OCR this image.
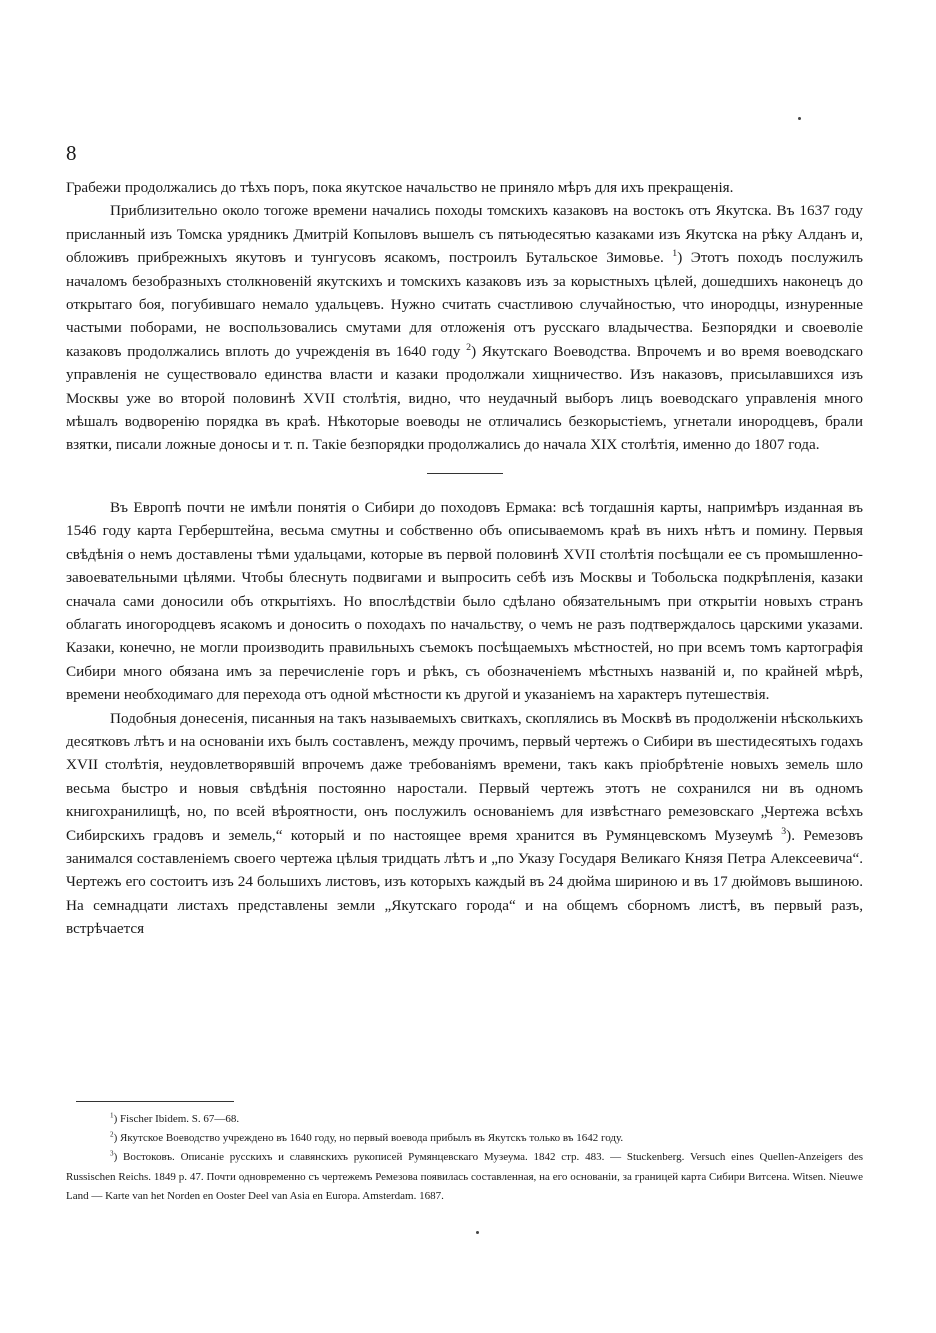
8

Грабежи продолжались до тѣхъ поръ, пока якутское начальство не приняло мѣръ для ихъ прекращенія.

Приблизительно около тогоже времени начались походы томскихъ казаковъ на востокъ отъ Якутска. Въ 1637 году присланный изъ Томска урядникъ Дмитрій Копыловъ вышелъ съ пятьюдесятью казаками изъ Якутска на рѣку Алданъ и, обложивъ прибрежныхъ якутовъ и тунгусовъ ясакомъ, построилъ Бутальское Зимовье. $^1$) Этотъ походъ послужилъ началомъ безобразныхъ столкновеній якутскихъ и томскихъ казаковъ изъ за корыстныхъ цѣлей, дошедшихъ наконецъ до открытаго боя, погубившаго немало удальцевъ. Нужно считать счастливою случайностью, что инородцы, изнуренные частыми поборами, не воспользовались смутами для отложенія отъ русскаго владычества. Безпорядки и своеволіе казаковъ продолжались вплоть до учрежденія въ 1640 году $^2$) Якутскаго Воеводства. Впрочемъ и во время воеводскаго управленія не существовало единства власти и казаки продолжали хищничество. Изъ наказовъ, присылавшихся изъ Москвы уже во второй половинѣ XVII столѣтія, видно, что неудачный выборъ лицъ воеводскаго управленія много мѣшалъ водворенію порядка въ краѣ. Нѣкоторые воеводы не отличались безкорыстіемъ, угнетали инородцевъ, брали взятки, писали ложные доносы и т. п. Такіе безпорядки продолжались до начала XIX столѣтія, именно до 1807 года.

Въ Европѣ почти не имѣли понятія о Сибири до походовъ Ермака: всѣ тогдашнія карты, напримѣръ изданная въ 1546 году карта Герберштейна, весьма смутны и собственно объ описываемомъ краѣ въ нихъ нѣтъ и помину. Первыя свѣдѣнія о немъ доставлены тѣми удальцами, которые въ первой половинѣ XVII столѣтія посѣщали ее съ промышленно-завоевательными цѣлями. Чтобы блеснуть подвигами и выпросить себѣ изъ Москвы и Тобольска подкрѣпленія, казаки сначала сами доносили объ открытіяхъ. Но впослѣдствіи было сдѣлано обязательнымъ при открытіи новыхъ странъ облагать иногородцевъ ясакомъ и доносить о походахъ по начальству, о чемъ не разъ подтверждалось царскими указами. Казаки, конечно, не могли производить правильныхъ съемокъ посѣщаемыхъ мѣстностей, но при всемъ томъ картографія Сибири много обязана имъ за перечисленіе горъ и рѣкъ, съ обозначеніемъ мѣстныхъ названій и, по крайней мѣрѣ, времени необходимаго для перехода отъ одной мѣстности къ другой и указаніемъ на характеръ путешествія.

Подобныя донесенія, писанныя на такъ называемыхъ свиткахъ, скоплялись въ Москвѣ въ продолженіи нѣсколькихъ десятковъ лѣтъ и на основаніи ихъ былъ составленъ, между прочимъ, первый чертежъ о Сибири въ шестидесятыхъ годахъ XVII столѣтія, неудовлетворявшій впрочемъ даже требованіямъ времени, такъ какъ пріобрѣтеніе новыхъ земель шло весьма быстро и новыя свѣдѣнія постоянно наростали. Первый чертежъ этотъ не сохранился ни въ одномъ книгохранилищѣ, но, по всей вѣроятности, онъ послужилъ основаніемъ для извѣстнаго ремезовскаго „Чертежа всѣхъ Сибирскихъ градовъ и земель,“ который и по настоящее время хранится въ Румянцевскомъ Музеумѣ $^3$). Ремезовъ занимался составленіемъ своего чертежа цѣлыя тридцать лѣтъ и „по Указу Государя Великаго Князя Петра Алексеевича“. Чертежъ его состоитъ изъ 24 большихъ листовъ, изъ которыхъ каждый въ 24 дюйма шириною и въ 17 дюймовъ вышиною. На семнадцати листахъ представлены земли „Якутскаго города“ и на общемъ сборномъ листѣ, въ первый разъ, встрѣчается

$^1$) Fischer Ibidem. S. 67—68.

$^2$) Якутское Воеводство учреждено въ 1640 году, но первый воевода прибылъ въ Якутскъ только въ 1642 году.

$^3$) Востоковъ. Описаніе русскихъ и славянскихъ рукописей Румянцевскаго Музеума. 1842 стр. 483. — Stuckenberg. Versuch eines Quellen-Anzeigers des Russischen Reichs. 1849 p. 47. Почти одновременно съ чертежемъ Ремезова появилась составленная, на его основаніи, за границей карта Сибири Витсена. Witsen. Nieuwe Land — Karte van het Norden en Ooster Deel van Asia en Europa. Amsterdam. 1687.
